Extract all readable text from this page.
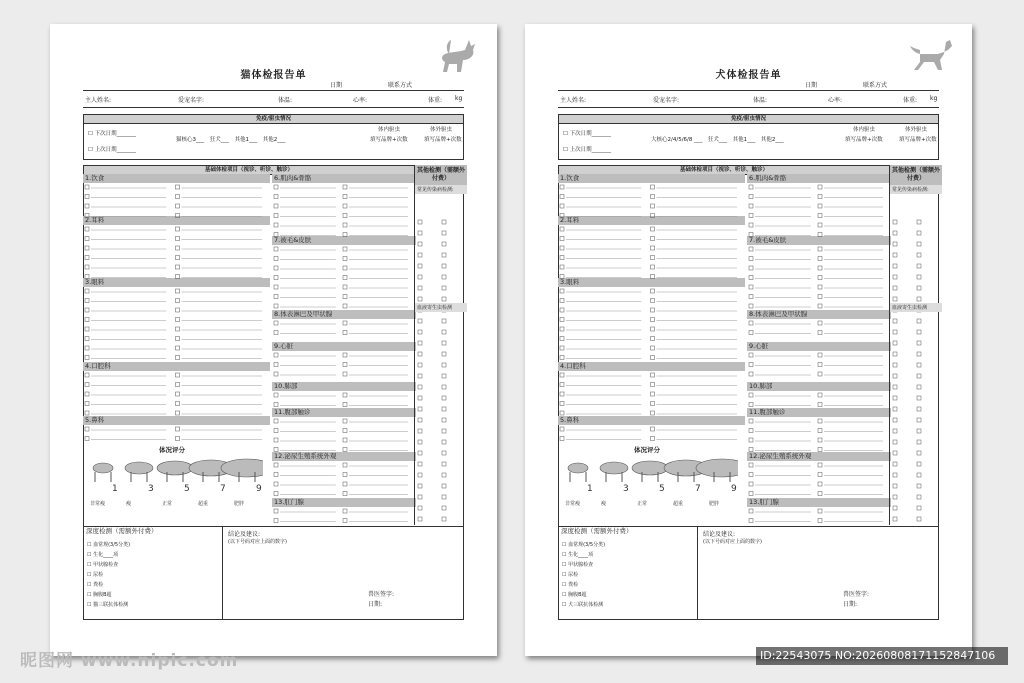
猫体检报告单
日期	联系方式
主人姓名:	爱宠名字:	体温:	心率:	体重: kg
免疫/驱虫情况
☐ 下次日期_______
☐ 上次日期_______
猫核心3___　狂犬___　其他1___　其他2___
体内驱虫	体外驱虫
填写品牌+次数	填写品牌+次数
基础体检项目（视诊、听诊、触诊）
1.饮食
2.耳料
3.眼料
4.口腔科
5.鼻科
6.肌肉&骨骼
7.被毛&皮肤
8.体表淋巴及甲状腺
9.心脏
10.肺部
11.腹部触诊
12.泌尿生殖系统外观
13.肛门腺
其他检测（需额外付费）
常见传染病检测:
血液寄生虫检测
体况评分
1	3	5	7	9
非常瘦	瘦	正常	超重	肥胖
深度检测（需额外付费）
☐ 血常规(3/5分类)
☐ 生化____项
☐ 甲状腺检查
☐ 尿检
☐ 粪检
☐ 胸腹B超
☐ 猫三联抗体检测
结论及建议:
(以下号码对应上面的数字)
兽医签字:
日期:
犬体检报告单
日期	联系方式
主人姓名:	爱宠名字:	体温:	心率:	体重: kg
免疫/驱虫情况
☐ 下次日期_______
☐ 上次日期_______
大核心2/4/5/6/8 ___　狂犬___　其他1___　其他2___
体内驱虫	体外驱虫
填写品牌+次数	填写品牌+次数
基础体检项目（视诊、听诊、触诊）
1.饮食
2.耳料
3.眼料
4.口腔科
5.鼻科
6.肌肉&骨骼
7.被毛&皮肤
8.体表淋巴及甲状腺
9.心脏
10.肺部
11.腹部触诊
12.泌尿生殖系统外观
13.肛门腺
其他检测（需额外付费）
常见传染病检测:
血液寄生虫检测
体况评分
1	3	5	7	9
非常瘦	瘦	正常	超重	肥胖
深度检测（需额外付费）
☐ 血常规(3/5分类)
☐ 生化____项
☐ 甲状腺检查
☐ 尿检
☐ 粪检
☐ 胸腹B超
☐ 犬三联抗体检测
结论及建议:
(以下号码对应上面的数字)
兽医签字:
日期:
昵图网 www.nipic.com	ID:22543075 NO:20260808171152847106
